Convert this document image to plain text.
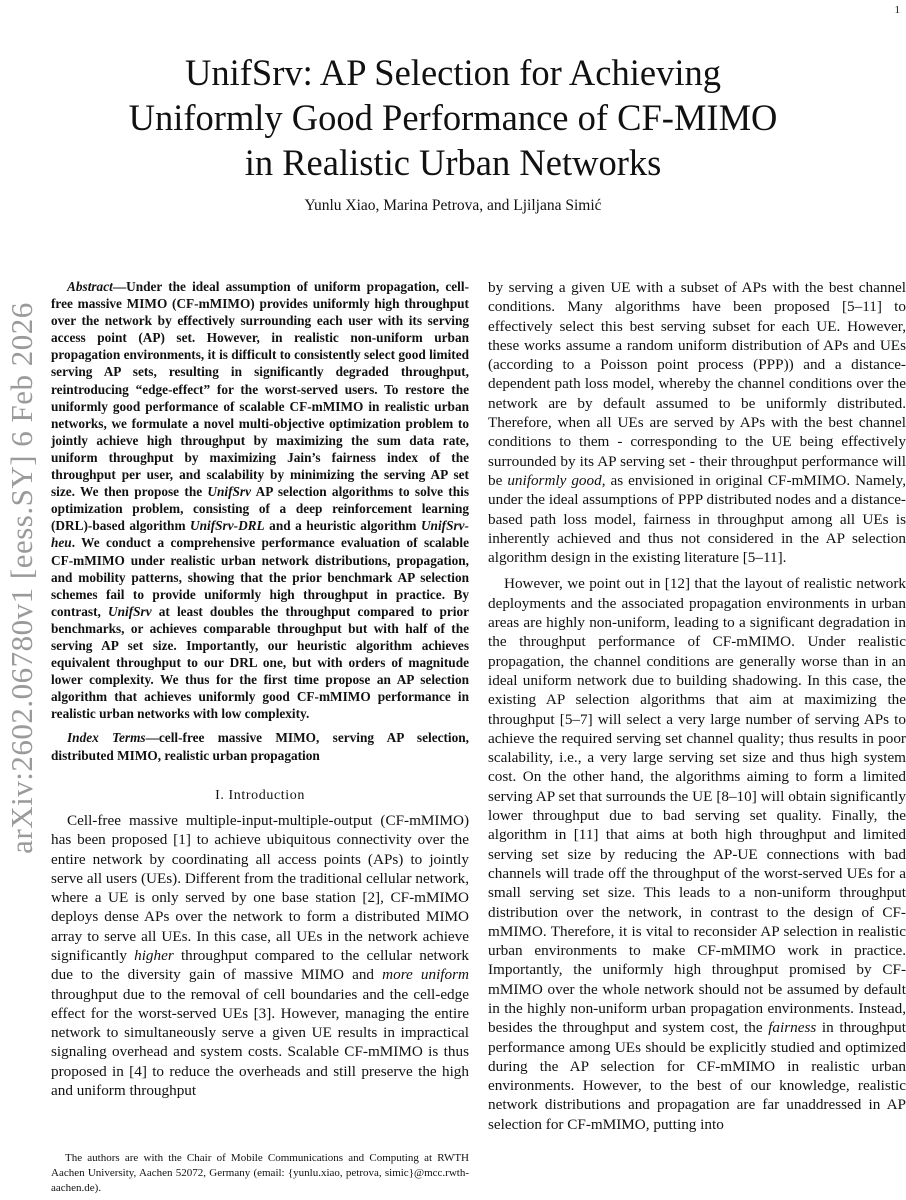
1
arXiv:2602.06780v1 [eess.SY] 6 Feb 2026
UnifSrv: AP Selection for Achieving
Uniformly Good Performance of CF-MIMO
in Realistic Urban Networks
Yunlu Xiao, Marina Petrova, and Ljiljana Simić

Abstract—Under the ideal assumption of uniform propagation, cell-free massive MIMO (CF-mMIMO) provides uniformly high throughput over the network by effectively surrounding each user with its serving access point (AP) set. However, in realistic non-uniform urban propagation environments, it is difficult to consistently select good limited serving AP sets, resulting in significantly degraded throughput, reintroducing “edge-effect” for the worst-served users. To restore the uniformly good performance of scalable CF-mMIMO in realistic urban networks, we formulate a novel multi-objective optimization problem to jointly achieve high throughput by maximizing the sum data rate, uniform throughput by maximizing Jain’s fairness index of the throughput per user, and scalability by minimizing the serving AP set size. We then propose the UnifSrv AP selection algorithms to solve this optimization problem, consisting of a deep reinforcement learning (DRL)-based algorithm UnifSrv-DRL and a heuristic algorithm UnifSrv-heu. We conduct a comprehensive performance evaluation of scalable CF-mMIMO under realistic urban network distributions, propagation, and mobility patterns, showing that the prior benchmark AP selection schemes fail to provide uniformly high throughput in practice. By contrast, UnifSrv at least doubles the throughput compared to prior benchmarks, or achieves comparable throughput but with half of the serving AP set size. Importantly, our heuristic algorithm achieves equivalent throughput to our DRL one, but with orders of magnitude lower complexity. We thus for the first time propose an AP selection algorithm that achieves uniformly good CF-mMIMO performance in realistic urban networks with low complexity.

Index Terms—cell-free massive MIMO, serving AP selection, distributed MIMO, realistic urban propagation

I. Introduction

Cell-free massive multiple-input-multiple-output (CF-mMIMO) has been proposed [1] to achieve ubiquitous connectivity over the entire network by coordinating all access points (APs) to jointly serve all users (UEs). Different from the traditional cellular network, where a UE is only served by one base station [2], CF-mMIMO deploys dense APs over the network to form a distributed MIMO array to serve all UEs. In this case, all UEs in the network achieve significantly higher throughput compared to the cellular network due to the diversity gain of massive MIMO and more uniform throughput due to the removal of cell boundaries and the cell-edge effect for the worst-served UEs [3]. However, managing the entire network to simultaneously serve a given UE results in impractical signaling overhead and system costs. Scalable CF-mMIMO is thus proposed in [4] to reduce the overheads and still preserve the high and uniform throughput

The authors are with the Chair of Mobile Communications and Computing at RWTH Aachen University, Aachen 52072, Germany (email: {yunlu.xiao, petrova, simic}@mcc.rwth-aachen.de).

by serving a given UE with a subset of APs with the best channel conditions. Many algorithms have been proposed [5–11] to effectively select this best serving subset for each UE. However, these works assume a random uniform distribution of APs and UEs (according to a Poisson point process (PPP)) and a distance-dependent path loss model, whereby the channel conditions over the network are by default assumed to be uniformly distributed. Therefore, when all UEs are served by APs with the best channel conditions to them - corresponding to the UE being effectively surrounded by its AP serving set - their throughput performance will be uniformly good, as envisioned in original CF-mMIMO. Namely, under the ideal assumptions of PPP distributed nodes and a distance-based path loss model, fairness in throughput among all UEs is inherently achieved and thus not considered in the AP selection algorithm design in the existing literature [5–11].

However, we point out in [12] that the layout of realistic network deployments and the associated propagation environments in urban areas are highly non-uniform, leading to a significant degradation in the throughput performance of CF-mMIMO. Under realistic propagation, the channel conditions are generally worse than in an ideal uniform network due to building shadowing. In this case, the existing AP selection algorithms that aim at maximizing the throughput [5–7] will select a very large number of serving APs to achieve the required serving set channel quality; thus results in poor scalability, i.e., a very large serving set size and thus high system cost. On the other hand, the algorithms aiming to form a limited serving AP set that surrounds the UE [8–10] will obtain significantly lower throughput due to bad serving set quality. Finally, the algorithm in [11] that aims at both high throughput and limited serving set size by reducing the AP-UE connections with bad channels will trade off the throughput of the worst-served UEs for a small serving set size. This leads to a non-uniform throughput distribution over the network, in contrast to the design of CF-mMIMO. Therefore, it is vital to reconsider AP selection in realistic urban environments to make CF-mMIMO work in practice. Importantly, the uniformly high throughput promised by CF-mMIMO over the whole network should not be assumed by default in the highly non-uniform urban propagation environments. Instead, besides the throughput and system cost, the fairness in throughput performance among UEs should be explicitly studied and optimized during the AP selection for CF-mMIMO in realistic urban environments. However, to the best of our knowledge, realistic network distributions and propagation are far unaddressed in AP selection for CF-mMIMO, putting into
